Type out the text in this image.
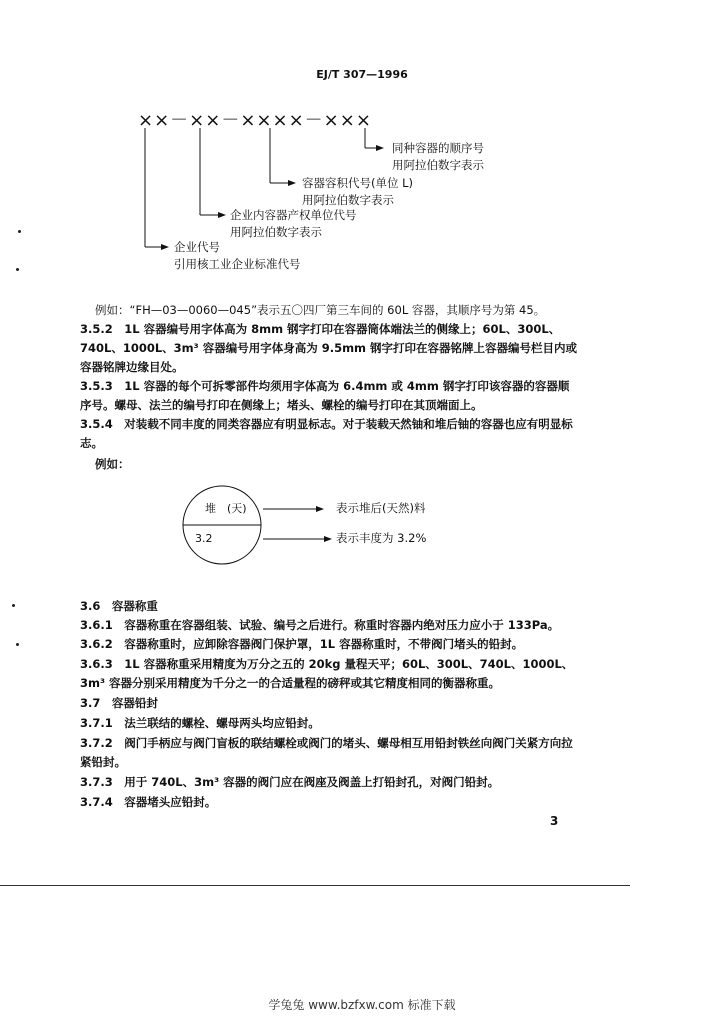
EJ/T 307—1996
××－××－××××－×××
同种容器的顺序号
用阿拉伯数字表示
容器容积代号(单位 L)
用阿拉伯数字表示
企业内容器产权单位代号
用阿拉伯数字表示
企业代号
引用核工业企业标准代号
例如：“FH—03—0060—045”表示五〇四厂第三车间的 60L 容器，其顺序号为第 45。
3.5.2　1L 容器编号用字体高为 8mm 钢字打印在容器筒体端法兰的侧缘上；60L、300L、740L、1000L、3m³ 容器编号用字体身高为 9.5mm 钢字打印在容器铭牌上容器编号栏目内或容器铭牌边缘目处。
3.5.3　1L 容器的每个可拆零部件均须用字体高为 6.4mm 或 4mm 钢字打印该容器的容器顺序号。螺母、法兰的编号打印在侧缘上；堵头、螺栓的编号打印在其顶端面上。
3.5.4　对装载不同丰度的同类容器应有明显标志。对于装载天然铀和堆后铀的容器也应有明显标志。
例如：
堆　(天)
3.2
表示堆后(天然)料
表示丰度为 3.2%
3.6　容器称重
3.6.1　容器称重在容器组装、试验、编号之后进行。称重时容器内绝对压力应小于 133Pa。
3.6.2　容器称重时，应卸除容器阀门保护罩，1L 容器称重时，不带阀门堵头的铅封。
3.6.3　1L 容器称重采用精度为万分之五的 20kg 量程天平；60L、300L、740L、1000L、3m³ 容器分别采用精度为千分之一的合适量程的磅秤或其它精度相同的衡器称重。
3.7　容器铅封
3.7.1　法兰联结的螺栓、螺母两头均应铅封。
3.7.2　阀门手柄应与阀门盲板的联结螺栓或阀门的堵头、螺母相互用铅封铁丝向阀门关紧方向拉紧铅封。
3.7.3　用于 740L、3m³ 容器的阀门应在阀座及阀盖上打铅封孔，对阀门铅封。
3.7.4　容器堵头应铅封。
3
学兔兔 www.bzfxw.com 标准下载
